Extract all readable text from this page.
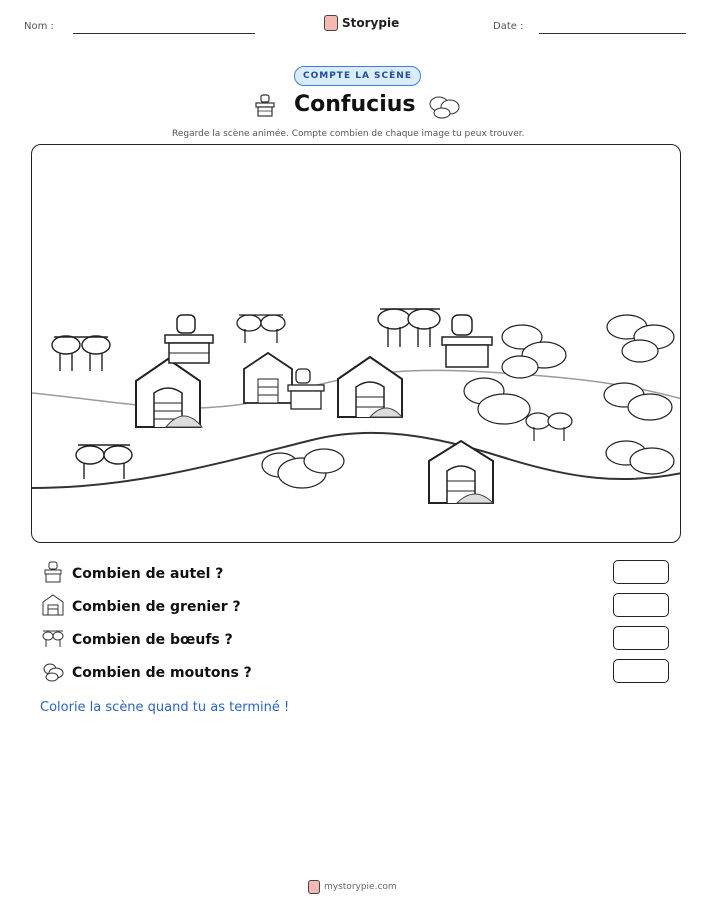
Nom :	Storypie	Date :
COMPTE LA SCÈNE
Confucius
Regarde la scène animée. Compte combien de chaque image tu peux trouver.
Combien de autel ?
Combien de grenier ?
Combien de bœufs ?
Combien de moutons ?
Colorie la scène quand tu as terminé !
mystorypie.com
